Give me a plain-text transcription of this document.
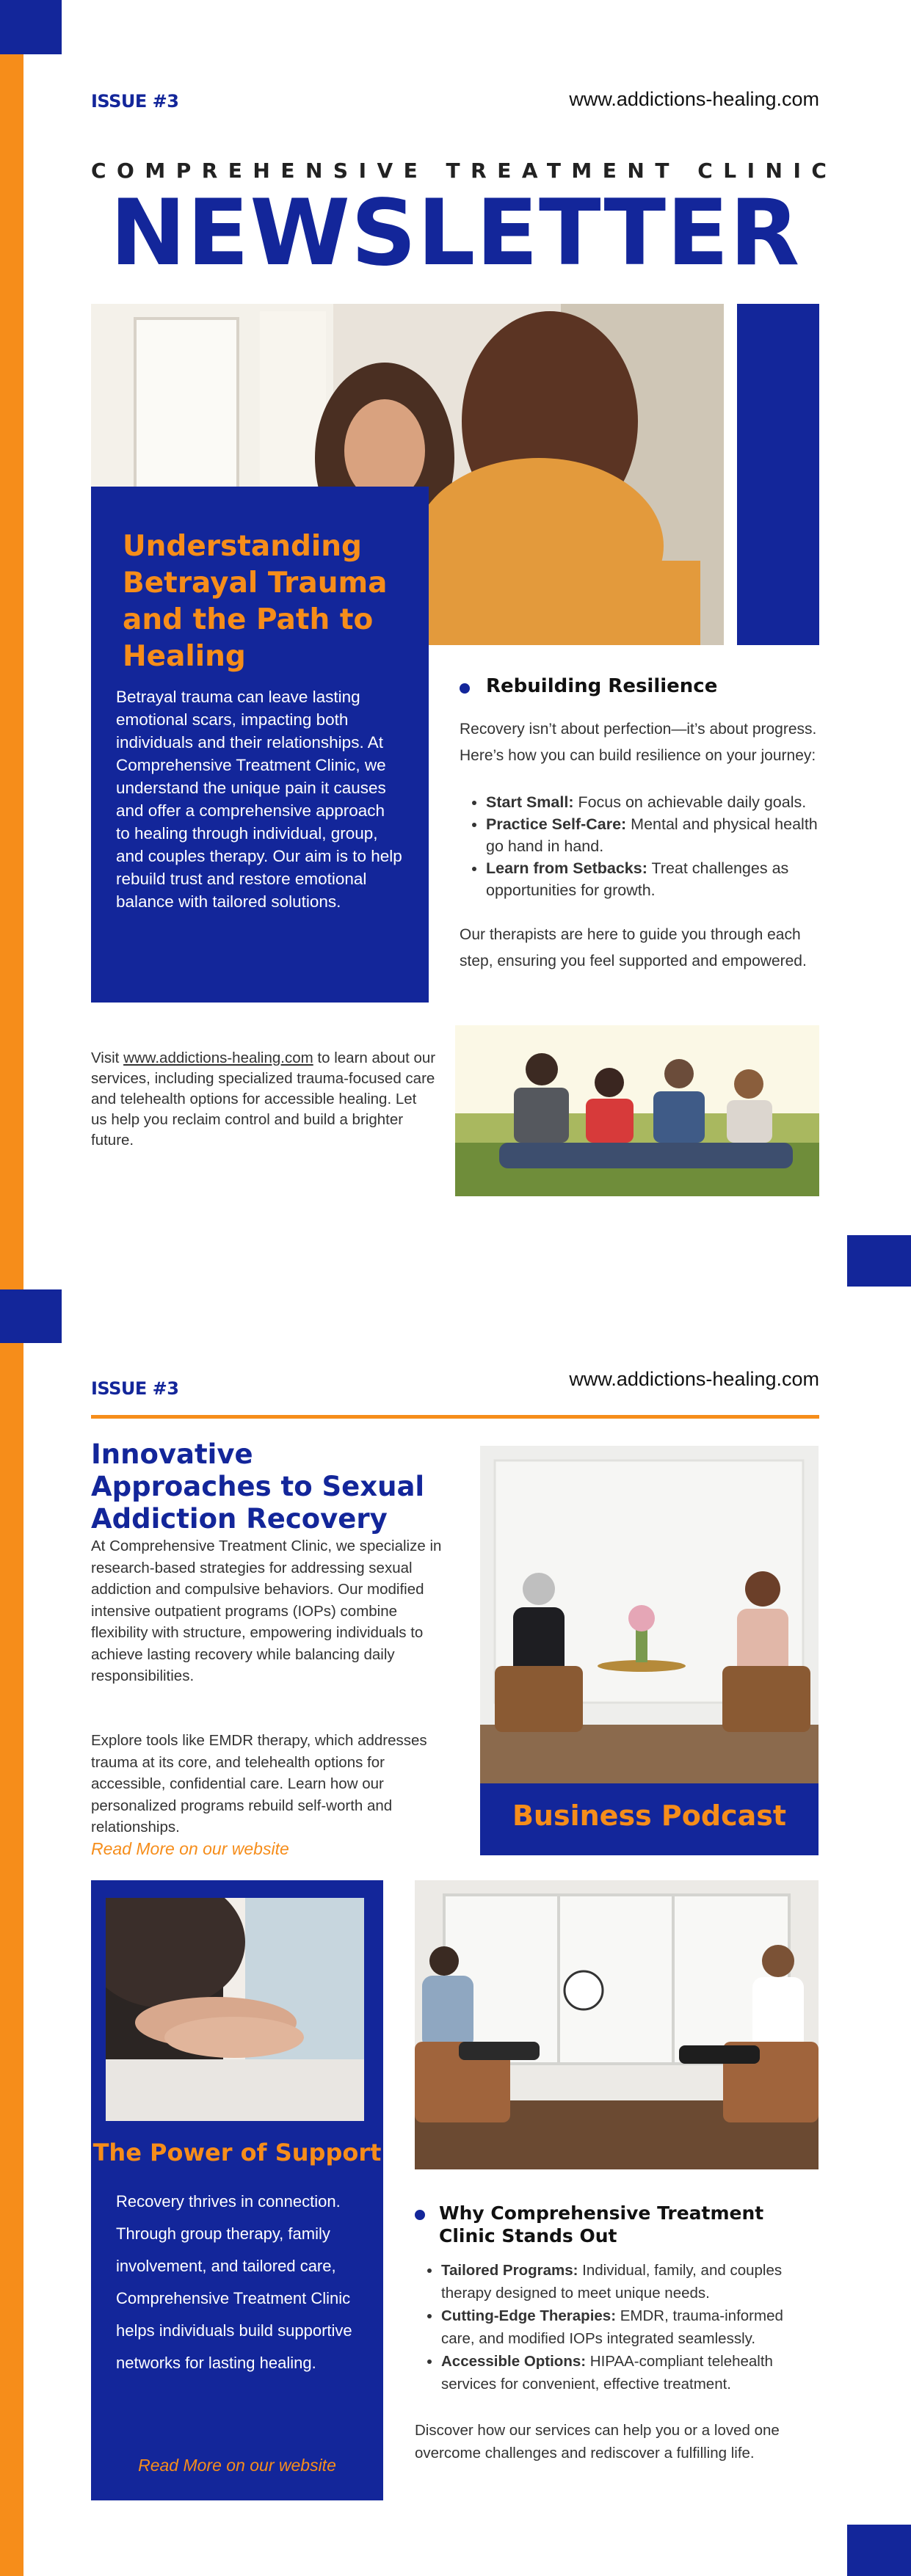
ISSUE #3	www.addictions-healing.com
COMPREHENSIVE TREATMENT CLINIC
NEWSLETTER
Understanding Betrayal Trauma and the Path to Healing
Betrayal trauma can leave lasting emotional scars, impacting both individuals and their relationships. At Comprehensive Treatment Clinic, we understand the unique pain it causes and offer a comprehensive approach to healing through individual, group, and couples therapy. Our aim is to help rebuild trust and restore emotional balance with tailored solutions.
Rebuilding Resilience
Recovery isn’t about perfection—it’s about progress. Here’s how you can build resilience on your journey:
• Start Small: Focus on achievable daily goals.
• Practice Self-Care: Mental and physical health go hand in hand.
• Learn from Setbacks: Treat challenges as opportunities for growth.
Our therapists are here to guide you through each step, ensuring you feel supported and empowered.
Visit www.addictions-healing.com to learn about our services, including specialized trauma-focused care and telehealth options for accessible healing. Let us help you reclaim control and build a brighter future.
ISSUE #3	www.addictions-healing.com
Innovative Approaches to Sexual Addiction Recovery
At Comprehensive Treatment Clinic, we specialize in research-based strategies for addressing sexual addiction and compulsive behaviors. Our modified intensive outpatient programs (IOPs) combine flexibility with structure, empowering individuals to achieve lasting recovery while balancing daily responsibilities.
Explore tools like EMDR therapy, which addresses trauma at its core, and telehealth options for accessible, confidential care. Learn how our personalized programs rebuild self-worth and relationships.
Read More on our website
Business Podcast
The Power of Support
Recovery thrives in connection. Through group therapy, family involvement, and tailored care, Comprehensive Treatment Clinic helps individuals build supportive networks for lasting healing.
Read More on our website
Why Comprehensive Treatment Clinic Stands Out
• Tailored Programs: Individual, family, and couples therapy designed to meet unique needs.
• Cutting-Edge Therapies: EMDR, trauma-informed care, and modified IOPs integrated seamlessly.
• Accessible Options: HIPAA-compliant telehealth services for convenient, effective treatment.
Discover how our services can help you or a loved one overcome challenges and rediscover a fulfilling life.
